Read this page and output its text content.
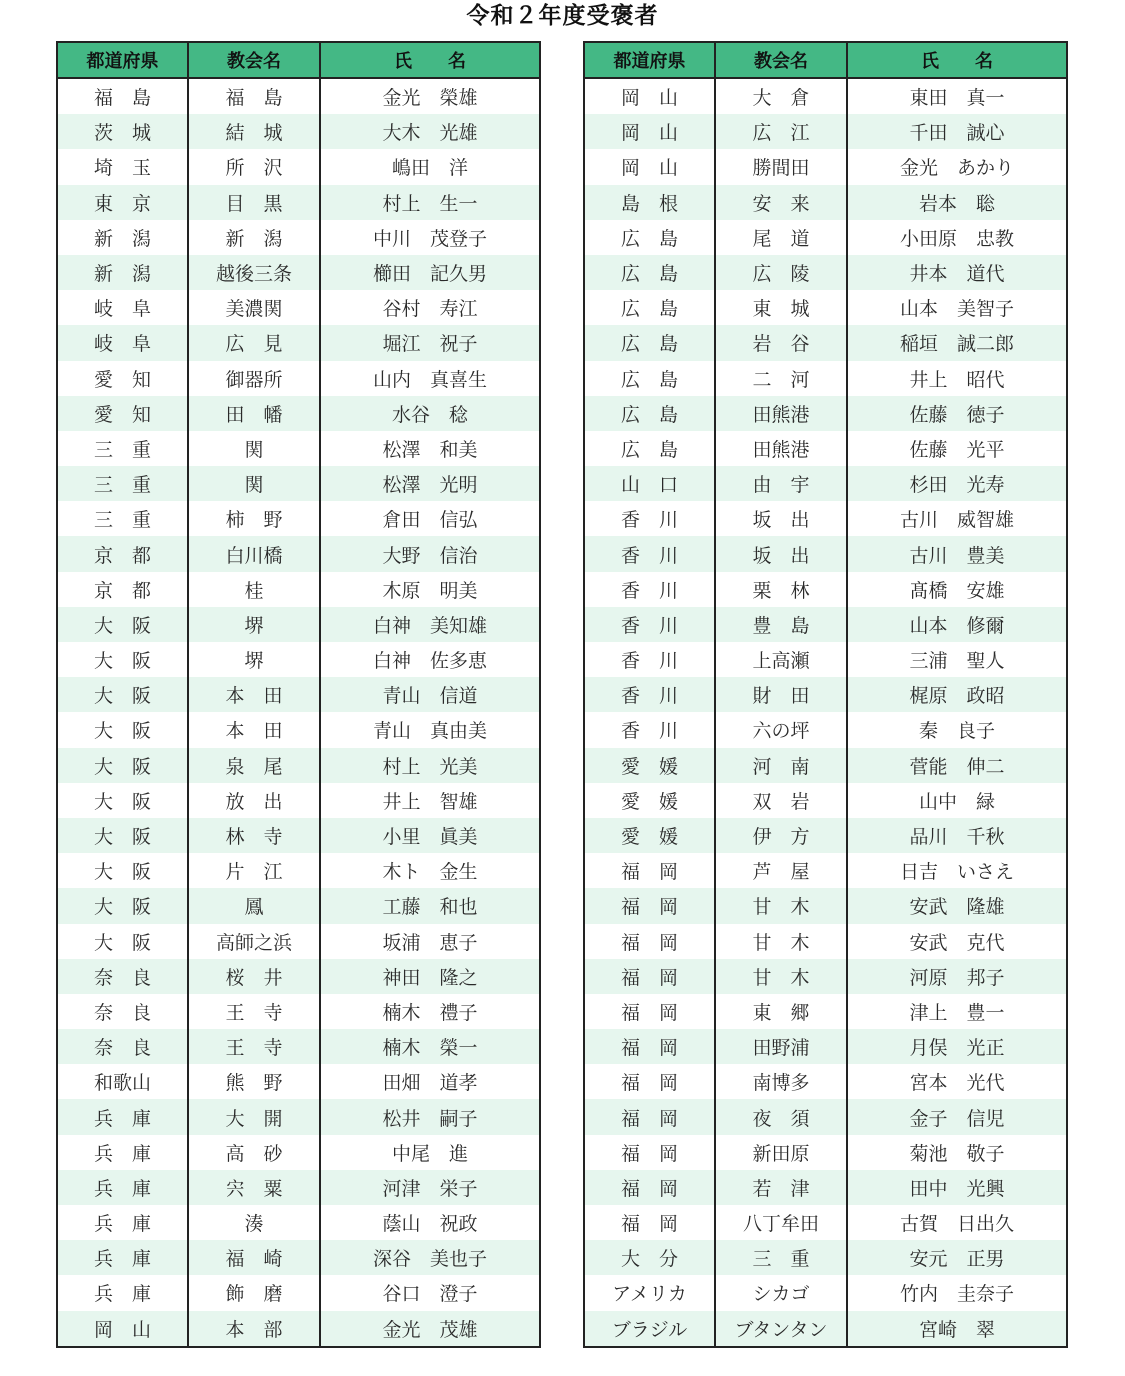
令和２年度受褒者
都道府県	教会名	氏　　名
福　島	福　島	金光　榮雄
茨　城	結　城	大木　光雄
埼　玉	所　沢	嶋田　洋
東　京	目　黒	村上　生一
新　潟	新　潟	中川　茂登子
新　潟	越後三条	櫛田　記久男
岐　阜	美濃関	谷村　寿江
岐　阜	広　見	堀江　祝子
愛　知	御器所	山内　真喜生
愛　知	田　幡	水谷　稔
三　重	関	松澤　和美
三　重	関	松澤　光明
三　重	柿　野	倉田　信弘
京　都	白川橋	大野　信治
京　都	桂	木原　明美
大　阪	堺	白神　美知雄
大　阪	堺	白神　佐多恵
大　阪	本　田	青山　信道
大　阪	本　田	青山　真由美
大　阪	泉　尾	村上　光美
大　阪	放　出	井上　智雄
大　阪	林　寺	小里　眞美
大　阪	片　江	木ト　金生
大　阪	鳳	工藤　和也
大　阪	高師之浜	坂浦　恵子
奈　良	桜　井	神田　隆之
奈　良	王　寺	楠木　禮子
奈　良	王　寺	楠木　榮一
和歌山	熊　野	田畑　道孝
兵　庫	大　開	松井　嗣子
兵　庫	高　砂	中尾　進
兵　庫	宍　粟	河津　栄子
兵　庫	湊	蔭山　祝政
兵　庫	福　崎	深谷　美也子
兵　庫	飾　磨	谷口　澄子
岡　山	本　部	金光　茂雄
都道府県	教会名	氏　　名
岡　山	大　倉	東田　真一
岡　山	広　江	千田　誠心
岡　山	勝間田	金光　あかり
島　根	安　来	岩本　聡
広　島	尾　道	小田原　忠教
広　島	広　陵	井本　道代
広　島	東　城	山本　美智子
広　島	岩　谷	稲垣　誠二郎
広　島	二　河	井上　昭代
広　島	田熊港	佐藤　徳子
広　島	田熊港	佐藤　光平
山　口	由　宇	杉田　光寿
香　川	坂　出	古川　威智雄
香　川	坂　出	古川　豊美
香　川	栗　林	髙橋　安雄
香　川	豊　島	山本　修爾
香　川	上高瀬	三浦　聖人
香　川	財　田	梶原　政昭
香　川	六の坪	秦　良子
愛　媛	河　南	菅能　伸二
愛　媛	双　岩	山中　緑
愛　媛	伊　方	品川　千秋
福　岡	芦　屋	日吉　いさえ
福　岡	甘　木	安武　隆雄
福　岡	甘　木	安武　克代
福　岡	甘　木	河原　邦子
福　岡	東　郷	津上　豊一
福　岡	田野浦	月俣　光正
福　岡	南博多	宮本　光代
福　岡	夜　須	金子　信児
福　岡	新田原	菊池　敬子
福　岡	若　津	田中　光興
福　岡	八丁牟田	古賀　日出久
大　分	三　重	安元　正男
アメリカ	シカゴ	竹内　圭奈子
ブラジル	ブタンタン	宮崎　翠
